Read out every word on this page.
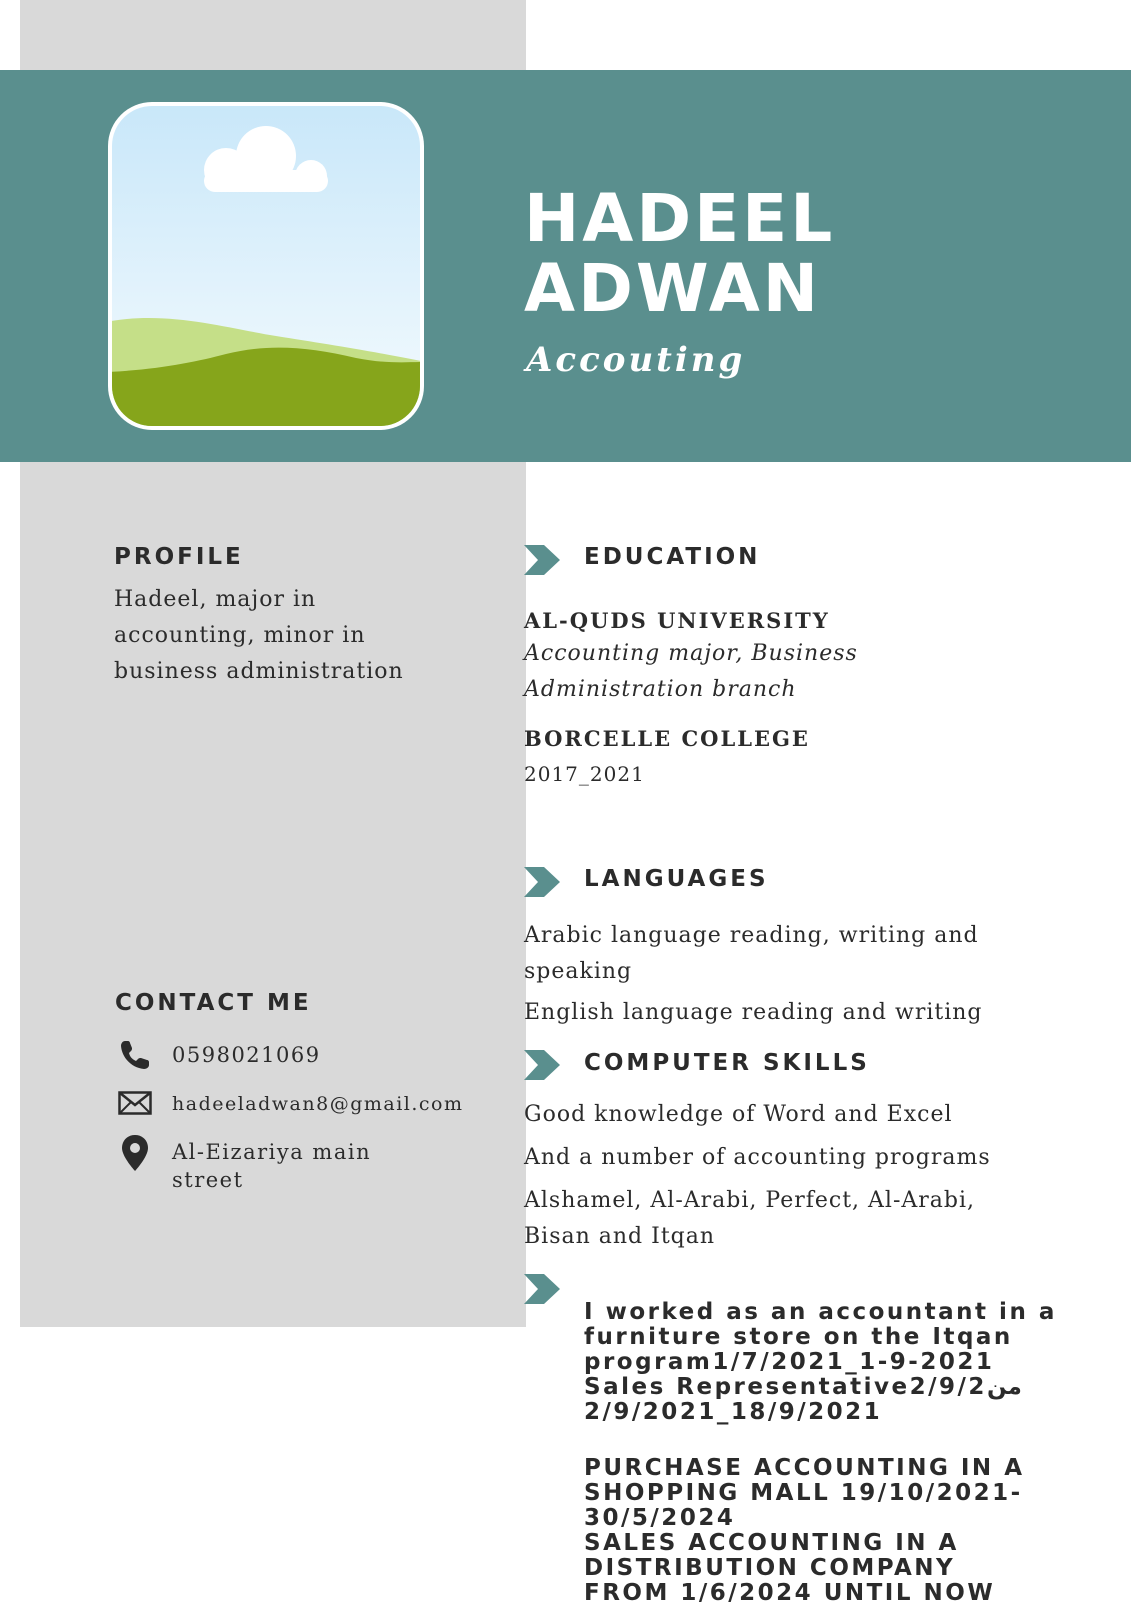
HADEEL
ADWAN
Accouting
PROFILE
Hadeel, major in
accounting, minor in
business administration
CONTACT ME
0598021069
hadeeladwan8@gmail.com
Al-Eizariya main
street
EDUCATION
AL-QUDS UNIVERSITY
Accounting major, Business
Administration branch
BORCELLE COLLEGE
2017_2021
LANGUAGES
Arabic language reading, writing and
speaking
English language reading and writing
COMPUTER SKILLS
Good knowledge of Word and Excel
And a number of accounting programs
Alshamel, Al-Arabi, Perfect, Al-Arabi,
Bisan and Itqan
I worked as an accountant in a
furniture store on the Itqan
program1/7/2021_1-9-2021
Sales Representative2/9/2من
2/9/2021_18/9/2021
PURCHASE ACCOUNTING IN A
SHOPPING MALL 19/10/2021-
30/5/2024
SALES ACCOUNTING IN A
DISTRIBUTION COMPANY
FROM 1/6/2024 UNTIL NOW
